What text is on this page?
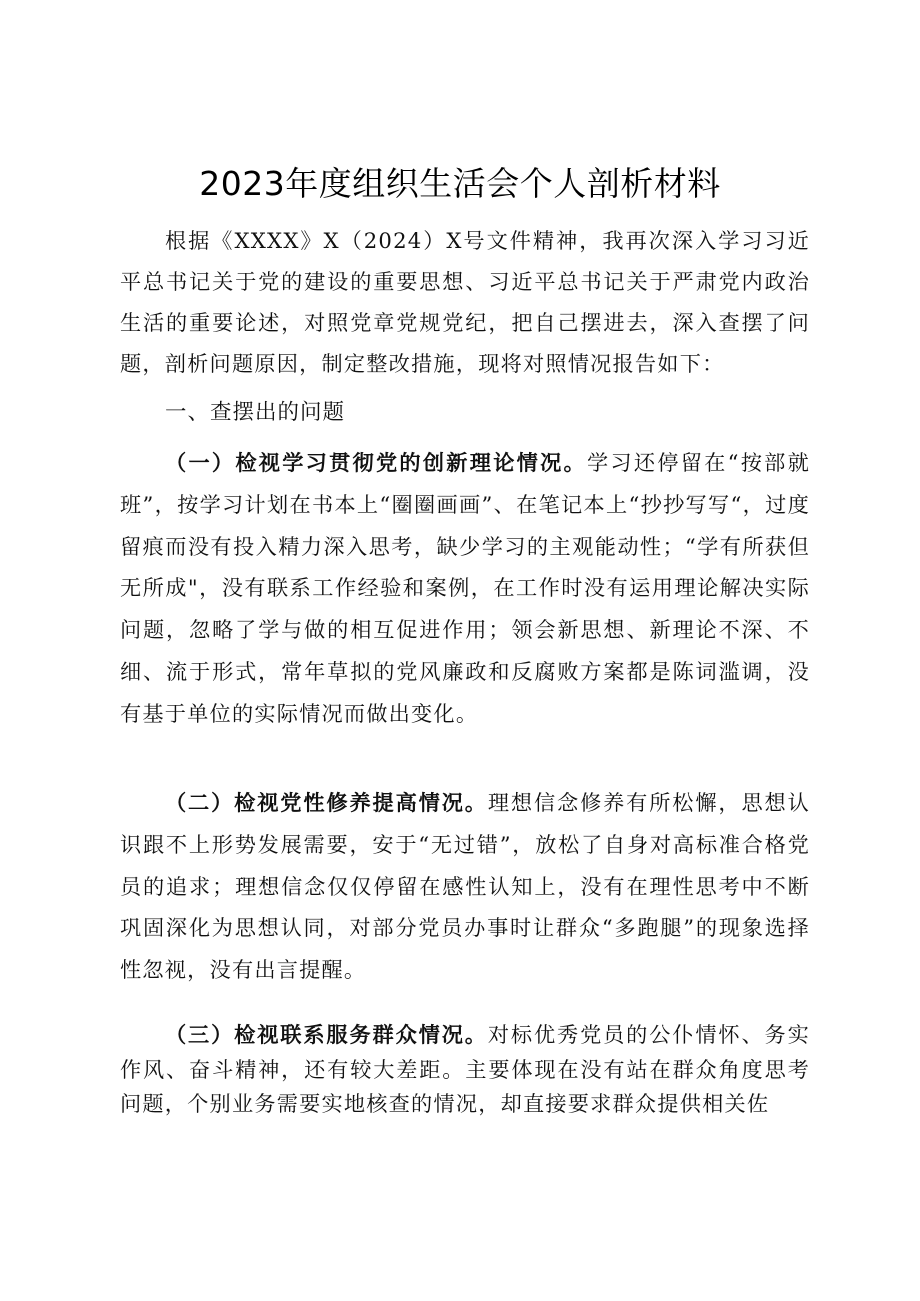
2023年度组织生活会个人剖析材料

根据《XXXX》X（2024）X号文件精神，我再次深入学习习近平总书记关于党的建设的重要思想、习近平总书记关于严肃党内政治生活的重要论述，对照党章党规党纪，把自己摆进去，深入查摆了问题，剖析问题原因，制定整改措施，现将对照情况报告如下：

一、查摆出的问题

（一）检视学习贯彻党的创新理论情况。学习还停留在“按部就班”，按学习计划在书本上“圈圈画画”、在笔记本上“抄抄写写“，过度留痕而没有投入精力深入思考，缺少学习的主观能动性；“学有所获但无所成"，没有联系工作经验和案例，在工作时没有运用理论解决实际问题，忽略了学与做的相互促进作用；领会新思想、新理论不深、不细、流于形式，常年草拟的党风廉政和反腐败方案都是陈词滥调，没有基于单位的实际情况而做出变化。

（二）检视党性修养提高情况。理想信念修养有所松懈，思想认识跟不上形势发展需要，安于“无过错”，放松了自身对高标准合格党员的追求；理想信念仅仅停留在感性认知上，没有在理性思考中不断巩固深化为思想认同，对部分党员办事时让群众“多跑腿”的现象选择性忽视，没有出言提醒。

（三）检视联系服务群众情况。对标优秀党员的公仆情怀、务实作风、奋斗精神，还有较大差距。主要体现在没有站在群众角度思考问题，个别业务需要实地核查的情况，却直接要求群众提供相关佐
